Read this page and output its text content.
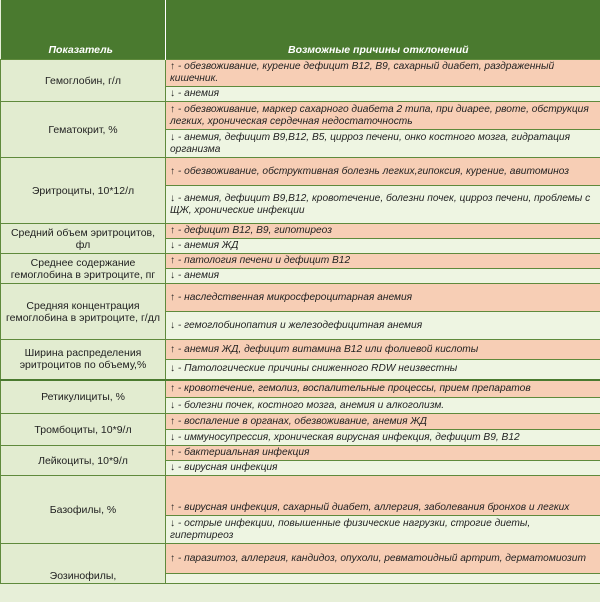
Показатель	Возможные причины отклонений
Гемоглобин, г/л	↑ - обезвоживание, курение дефицит В12, В9, сахарный диабет, раздраженный кишечник.
	↓ - анемия
Гематокрит, %	↑ - обезвоживание, маркер сахарного диабета 2 типа, при диарее, рвоте, обструкция легких, хроническая сердечная недостаточность
	↓ - анемия, дефицит В9,В12, В5, цирроз печени, онко костного мозга, гидратация организма
Эритроциты, 10*12/л	↑ - обезвоживание, обструктивная болезнь легких,гипоксия, курение, авитоминоз
	↓ - анемия, дефицит В9,В12, кровотечение, болезни почек, цирроз печени, проблемы с ЩЖ, хронические инфекции
Средний объем эритроцитов, фл	↑ - дефицит В12, В9, гипотиреоз
	↓ - анемия ЖД
Среднее содержание гемоглобина в эритроците, пг	↑ - патология печени и дефицит В12
	↓ - анемия
Средняя концентрация гемоглобина в эритроците, г/дл	↑ - наследственная микросфероцитарная анемия
	↓ - гемоглобинопатия и железодефицитная анемия
Ширина распределения эритроцитов по объему,%	↑ - анемия ЖД, дефицит витамина В12 или фолиевой кислоты
	↓ - Патологические причины сниженного RDW неизвестны
Ретикулициты, %	↑ - кровотечение, гемолиз, воспалительные процессы, прием препаратов
	↓ - болезни почек, костного мозга, анемия и алкоголизм.
Тромбоциты, 10*9/л	↑ - воспаление в органах, обезвоживание, анемия ЖД
	↓ - иммуносупрессия, хроническая вирусная инфекция, дефицит В9, В12
Лейкоциты, 10*9/л	↑ - бактериальная инфекция
	↓ - вирусная инфекция
Базофилы, %	↑ - вирусная инфекция, сахарный диабет, аллергия, заболевания бронхов и легких
	↓ - острые инфекции, повышенные физические нагрузки, строгие диеты, гипертиреоз
Эозинофилы,	↑ - паразитоз, аллергия, кандидоз, опухоли, ревматоидный артрит, дерматомиозит
